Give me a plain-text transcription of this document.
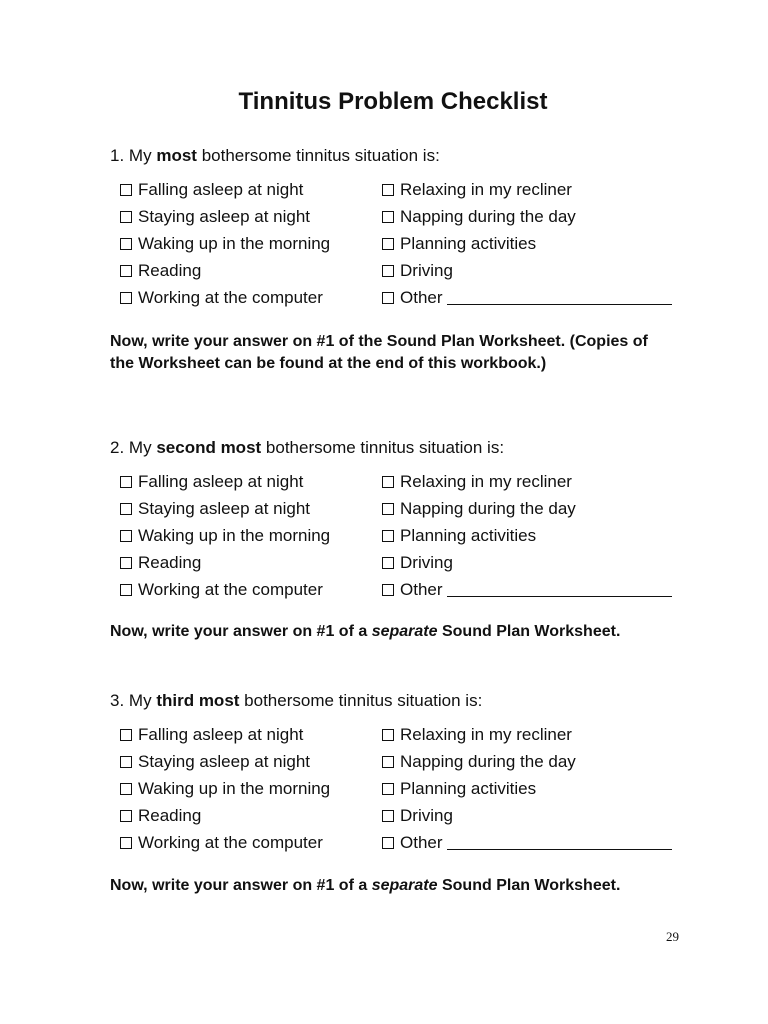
Tinnitus Problem Checklist
1. My most bothersome tinnitus situation is:
Falling asleep at night	Relaxing in my recliner
Staying asleep at night	Napping during the day
Waking up in the morning	Planning activities
Reading	Driving
Working at the computer	Other
Now, write your answer on #1 of the Sound Plan Worksheet. (Copies of the Worksheet can be found at the end of this workbook.)
2. My second most bothersome tinnitus situation is:
Falling asleep at night	Relaxing in my recliner
Staying asleep at night	Napping during the day
Waking up in the morning	Planning activities
Reading	Driving
Working at the computer	Other
Now, write your answer on #1 of a separate Sound Plan Worksheet.
3. My third most bothersome tinnitus situation is:
Falling asleep at night	Relaxing in my recliner
Staying asleep at night	Napping during the day
Waking up in the morning	Planning activities
Reading	Driving
Working at the computer	Other
Now, write your answer on #1 of a separate Sound Plan Worksheet.
29
